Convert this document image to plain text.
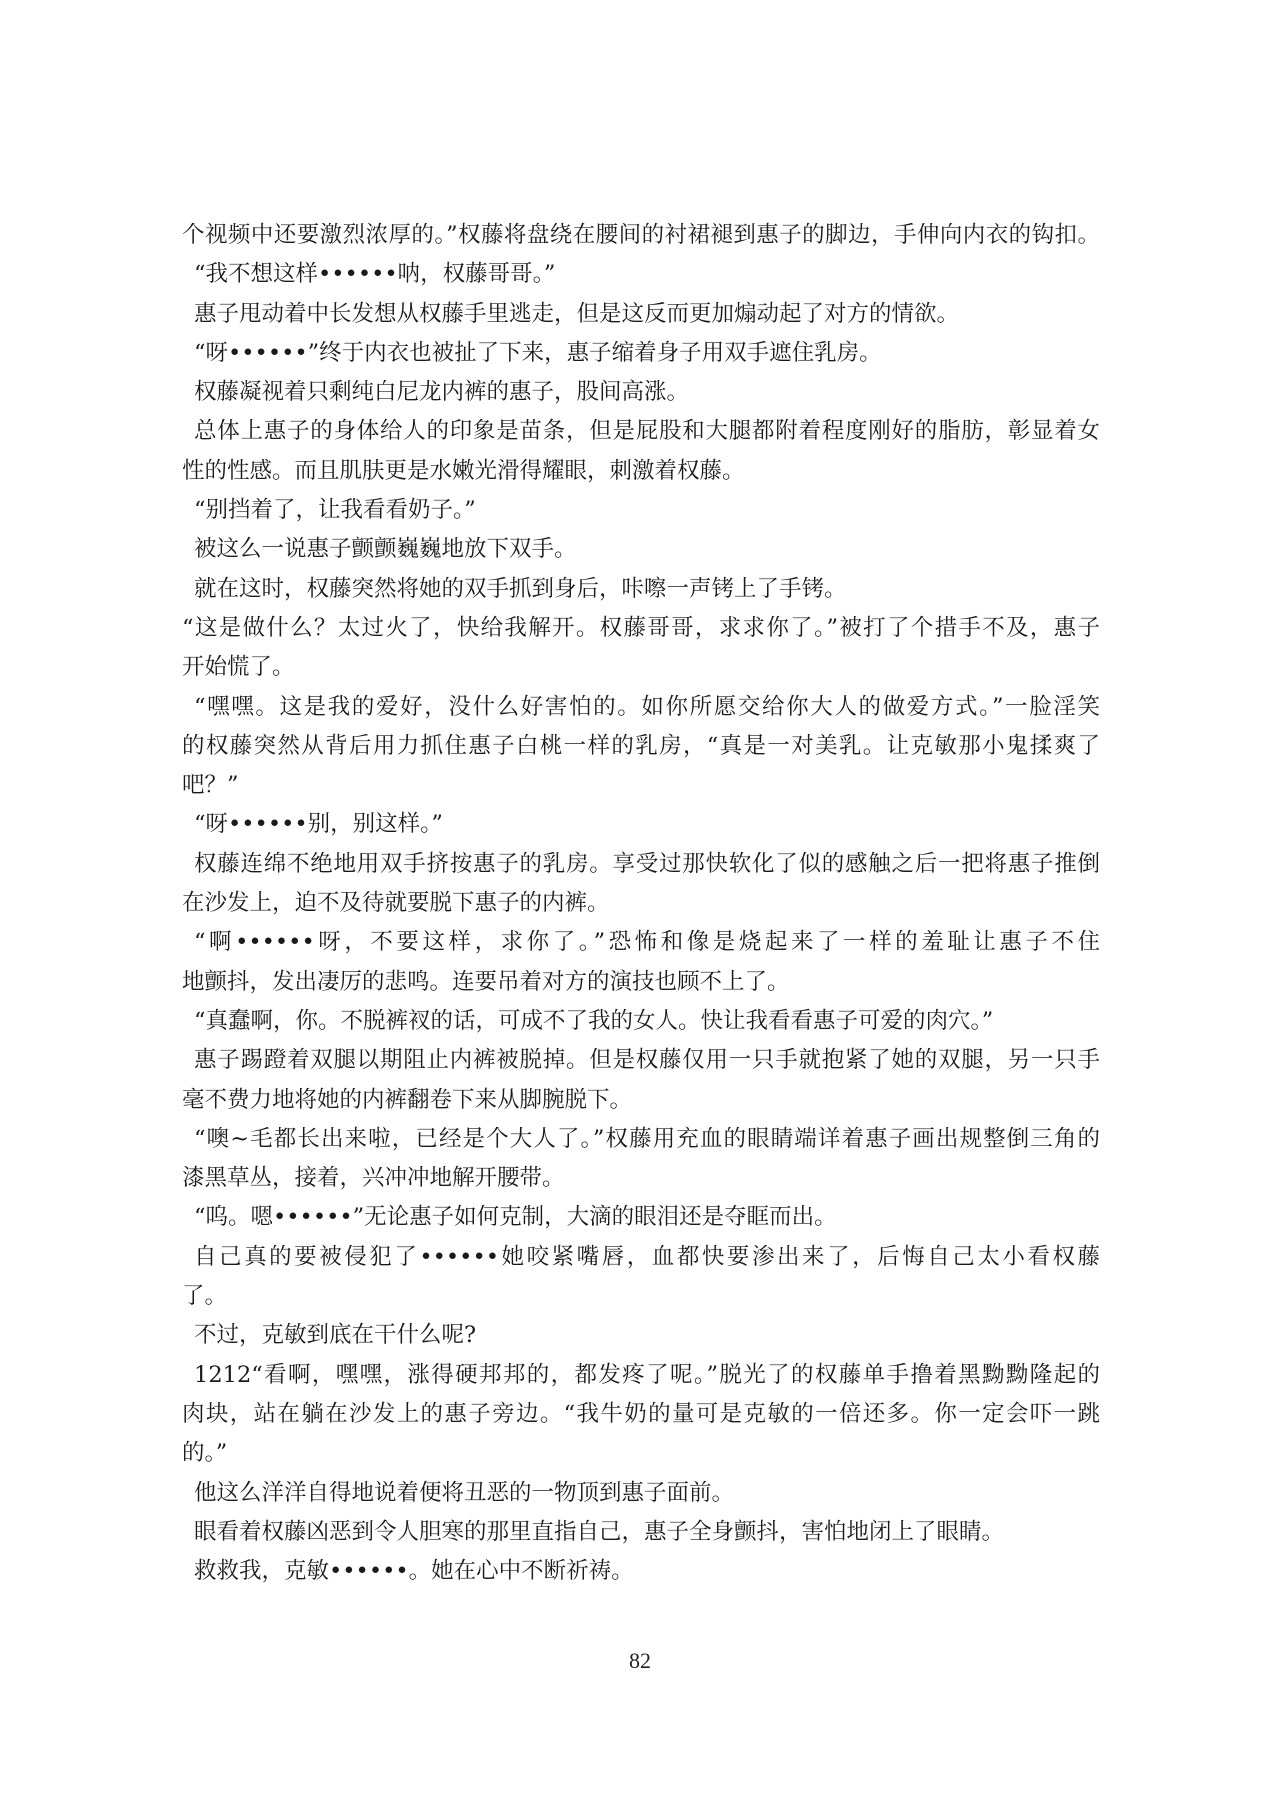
个视频中还要激烈浓厚的。”权藤将盘绕在腰间的衬裙褪到惠子的脚边，手伸向内衣的钩扣。
“我不想这样••••••呐，权藤哥哥。”
惠子甩动着中长发想从权藤手里逃走，但是这反而更加煽动起了对方的情欲。
“呀••••••”终于内衣也被扯了下来，惠子缩着身子用双手遮住乳房。
权藤凝视着只剩纯白尼龙内裤的惠子，股间高涨。
总体上惠子的身体给人的印象是苗条，但是屁股和大腿都附着程度刚好的脂肪，彰显着女
性的性感。而且肌肤更是水嫩光滑得耀眼，刺激着权藤。
“别挡着了，让我看看奶子。”
被这么一说惠子颤颤巍巍地放下双手。
就在这时，权藤突然将她的双手抓到身后，咔嚓一声铐上了手铐。
“这是做什么？太过火了，快给我解开。权藤哥哥，求求你了。”被打了个措手不及，惠子
开始慌了。
“嘿嘿。这是我的爱好，没什么好害怕的。如你所愿交给你大人的做爱方式。”一脸淫笑
的权藤突然从背后用力抓住惠子白桃一样的乳房，“真是一对美乳。让克敏那小鬼揉爽了
吧？”
“呀••••••别，别这样。”
权藤连绵不绝地用双手挤按惠子的乳房。享受过那快软化了似的感触之后一把将惠子推倒
在沙发上，迫不及待就要脱下惠子的内裤。
“啊••••••呀，不要这样，求你了。”恐怖和像是烧起来了一样的羞耻让惠子不住
地颤抖，发出凄厉的悲鸣。连要吊着对方的演技也顾不上了。
“真蠢啊，你。不脱裤衩的话，可成不了我的女人。快让我看看惠子可爱的肉穴。”
惠子踢蹬着双腿以期阻止内裤被脱掉。但是权藤仅用一只手就抱紧了她的双腿，另一只手
毫不费力地将她的内裤翻卷下来从脚腕脱下。
“噢~毛都长出来啦，已经是个大人了。”权藤用充血的眼睛端详着惠子画出规整倒三角的
漆黑草丛，接着，兴冲冲地解开腰带。
“呜。嗯••••••”无论惠子如何克制，大滴的眼泪还是夺眶而出。
自己真的要被侵犯了••••••她咬紧嘴唇，血都快要渗出来了，后悔自己太小看权藤
了。
不过，克敏到底在干什么呢?
1212“看啊，嘿嘿，涨得硬邦邦的，都发疼了呢。”脱光了的权藤单手撸着黑黝黝隆起的
肉块，站在躺在沙发上的惠子旁边。“我牛奶的量可是克敏的一倍还多。你一定会吓一跳
的。”
他这么洋洋自得地说着便将丑恶的一物顶到惠子面前。
眼看着权藤凶恶到令人胆寒的那里直指自己，惠子全身颤抖，害怕地闭上了眼睛。
救救我，克敏••••••。她在心中不断祈祷。
82
